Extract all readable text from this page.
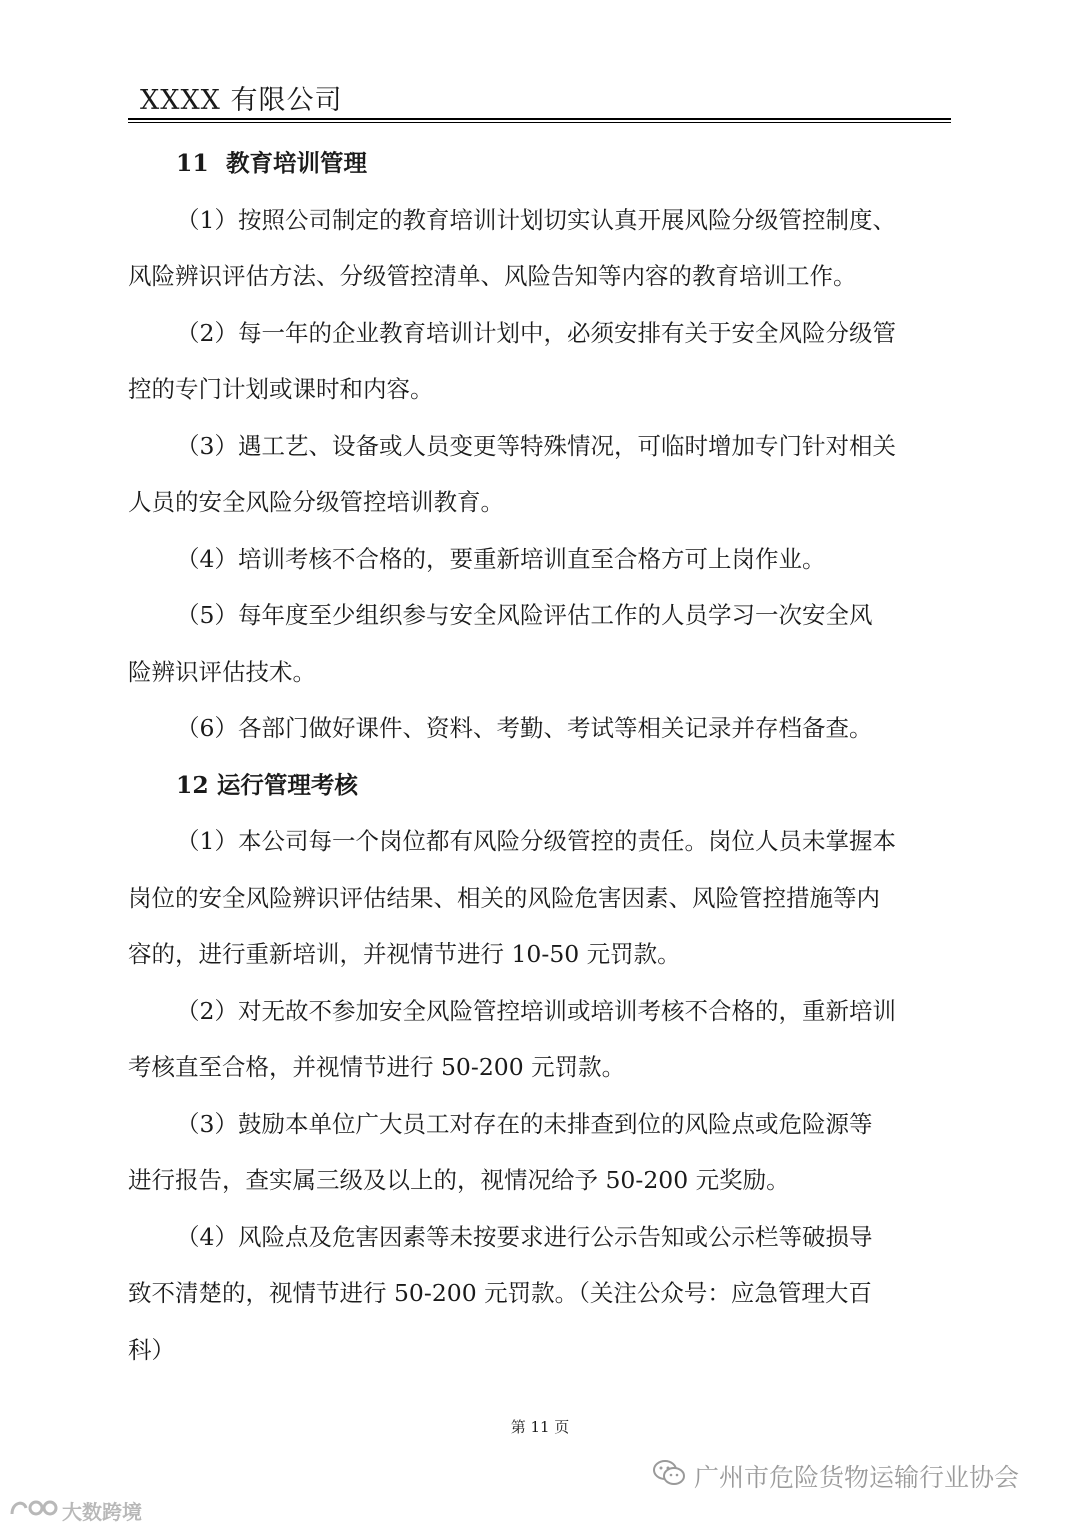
XXXX 有限公司
11 教育培训管理
（1）按照公司制定的教育培训计划切实认真开展风险分级管控制度、
风险辨识评估方法、分级管控清单、风险告知等内容的教育培训工作。
（2）每一年的企业教育培训计划中，必须安排有关于安全风险分级管
控的专门计划或课时和内容。
（3）遇工艺、设备或人员变更等特殊情况，可临时增加专门针对相关
人员的安全风险分级管控培训教育。
（4）培训考核不合格的，要重新培训直至合格方可上岗作业。
（5）每年度至少组织参与安全风险评估工作的人员学习一次安全风
险辨识评估技术。
（6）各部门做好课件、资料、考勤、考试等相关记录并存档备查。
12 运行管理考核
（1）本公司每一个岗位都有风险分级管控的责任。岗位人员未掌握本
岗位的安全风险辨识评估结果、相关的风险危害因素、风险管控措施等内
容的，进行重新培训，并视情节进行 10-50 元罚款。
（2）对无故不参加安全风险管控培训或培训考核不合格的，重新培训
考核直至合格，并视情节进行 50-200 元罚款。
（3）鼓励本单位广大员工对存在的未排查到位的风险点或危险源等
进行报告，查实属三级及以上的，视情况给予 50-200 元奖励。
（4）风险点及危害因素等未按要求进行公示告知或公示栏等破损导
致不清楚的，视情节进行 50-200 元罚款。（关注公众号：应急管理大百
科）
第 11 页
广州市危险货物运输行业协会
大数跨境
